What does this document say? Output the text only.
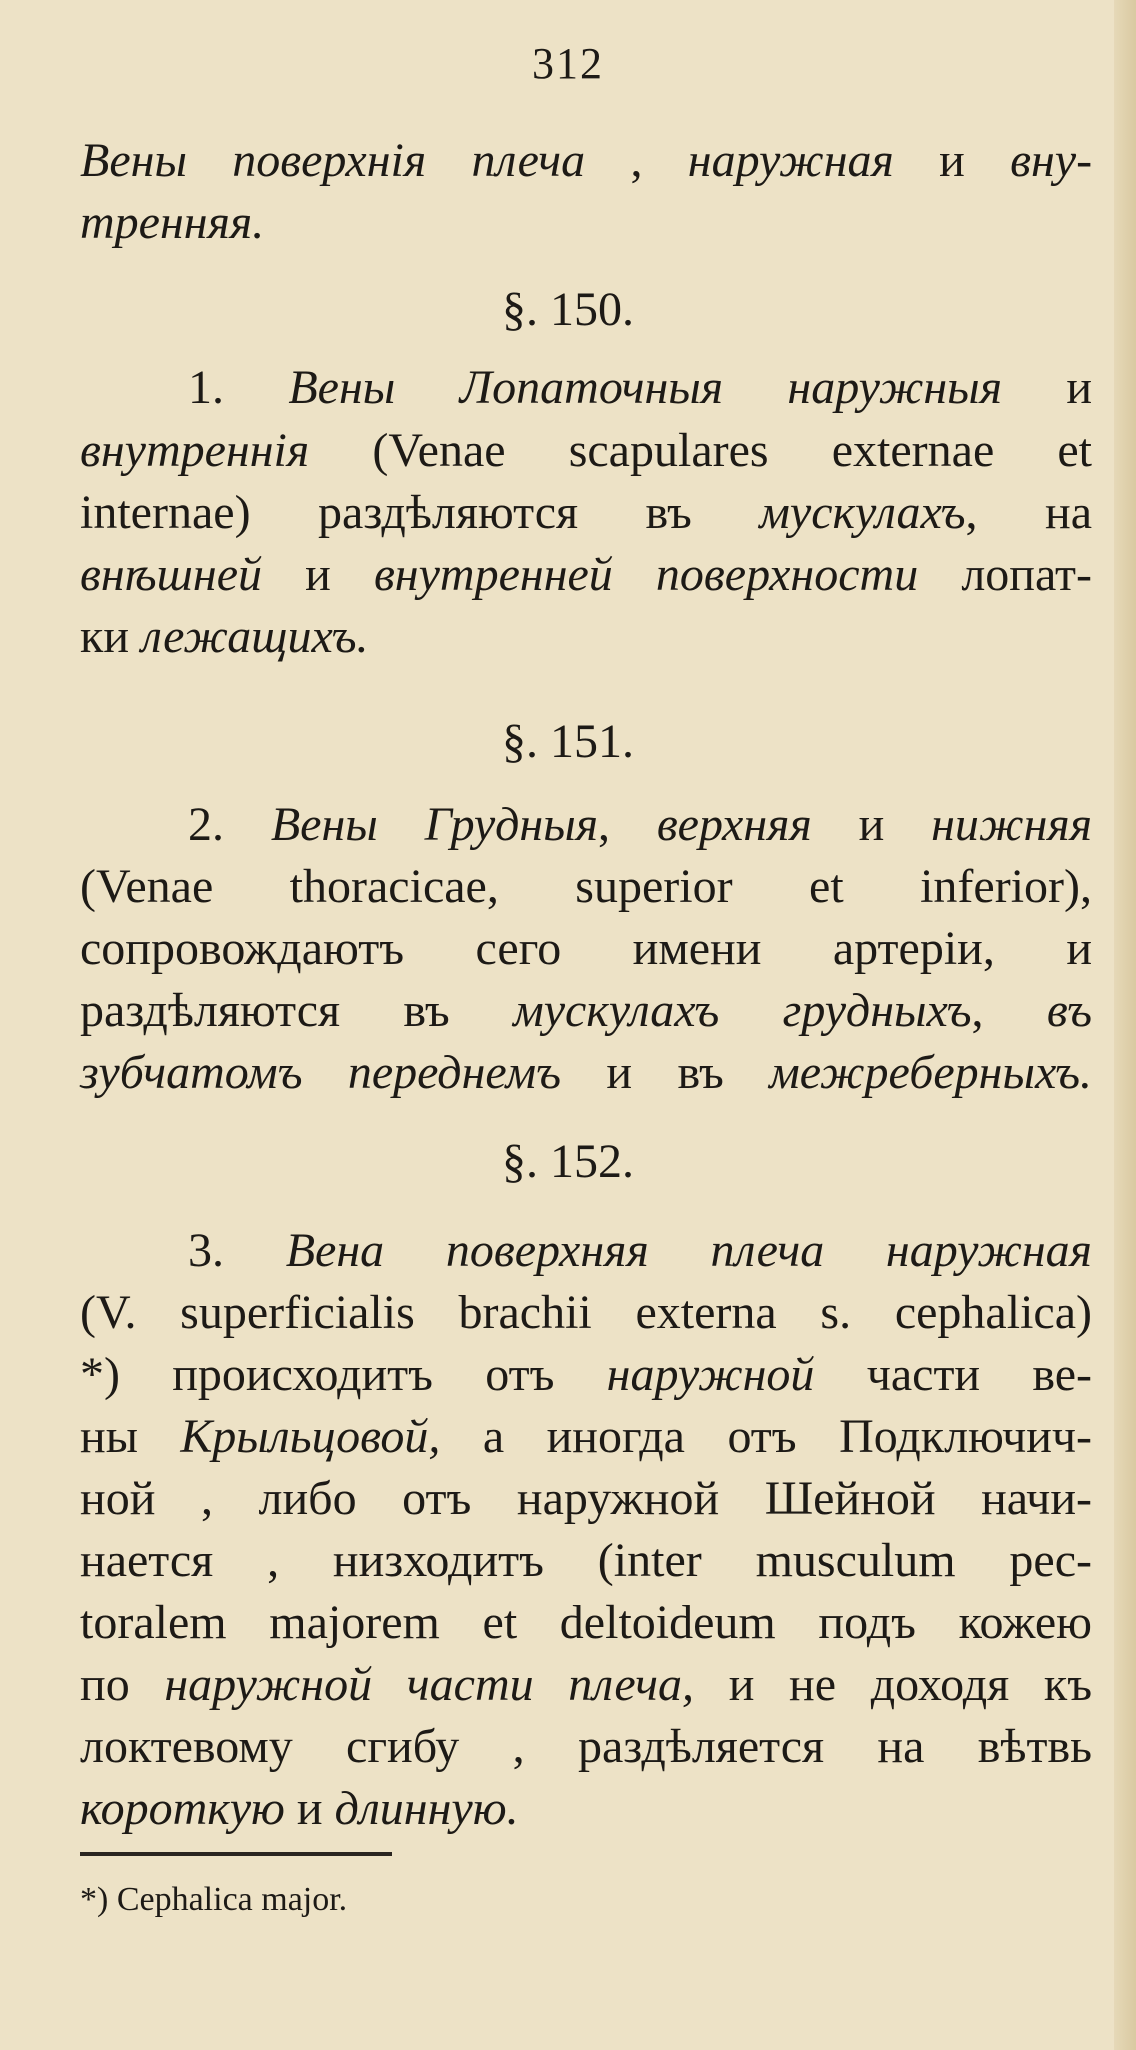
312
Вены поверхнія плеча , наружная и вну-
тренняя.
§. 150.
1. Вены Лопаточныя наружныя и
внутреннія (Venae scapulares externae et
internae) раздѣляются въ мускулахъ, на
внѣшней и внутренней поверхности лопат-
ки лежащихъ.
§. 151.
2. Вены Грудныя, верхняя и нижняя
(Venae thoracicae, superior et inferior),
сопровождаютъ сего имени артеріи, и
раздѣляются въ мускулахъ грудныхъ, въ
зубчатомъ переднемъ и въ межреберныхъ.
§. 152.
3. Вена поверхняя плеча наружная
(V. superficialis brachii externa s. cephalica)
*) происходитъ отъ наружной части ве-
ны Крыльцовой, а иногда отъ Подключич-
ной , либо отъ наружной Шейной начи-
нается , низходитъ (inter musculum pec-
toralem majorem et deltoideum подъ кожею
по наружной части плеча, и не доходя къ
локтевому сгибу , раздѣляется на вѣтвь
короткую и длинную.
*) Cephalica major.
